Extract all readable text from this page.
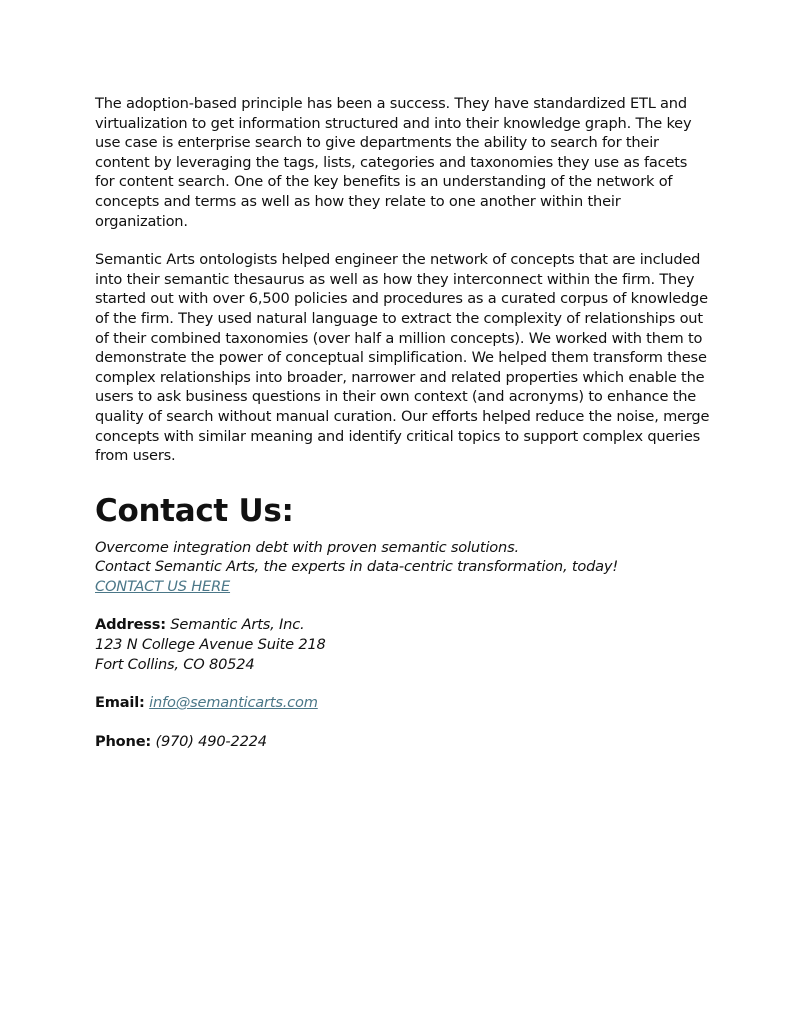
The adoption-based principle has been a success. They have standardized ETL and virtualization to get information structured and into their knowledge graph. The key use case is enterprise search to give departments the ability to search for their content by leveraging the tags, lists, categories and taxonomies they use as facets for content search. One of the key benefits is an understanding of the network of concepts and terms as well as how they relate to one another within their organization.

Semantic Arts ontologists helped engineer the network of concepts that are included into their semantic thesaurus as well as how they interconnect within the firm. They started out with over 6,500 policies and procedures as a curated corpus of knowledge of the firm. They used natural language to extract the complexity of relationships out of their combined taxonomies (over half a million concepts). We worked with them to demonstrate the power of conceptual simplification. We helped them transform these complex relationships into broader, narrower and related properties which enable the users to ask business questions in their own context (and acronyms) to enhance the quality of search without manual curation. Our efforts helped reduce the noise, merge concepts with similar meaning and identify critical topics to support complex queries from users.

Contact Us:
Overcome integration debt with proven semantic solutions.
Contact Semantic Arts, the experts in data-centric transformation, today!
CONTACT US HERE
Address: Semantic Arts, Inc.
123 N College Avenue Suite 218
Fort Collins, CO 80524
Email: info@semanticarts.com
Phone: (970) 490-2224
